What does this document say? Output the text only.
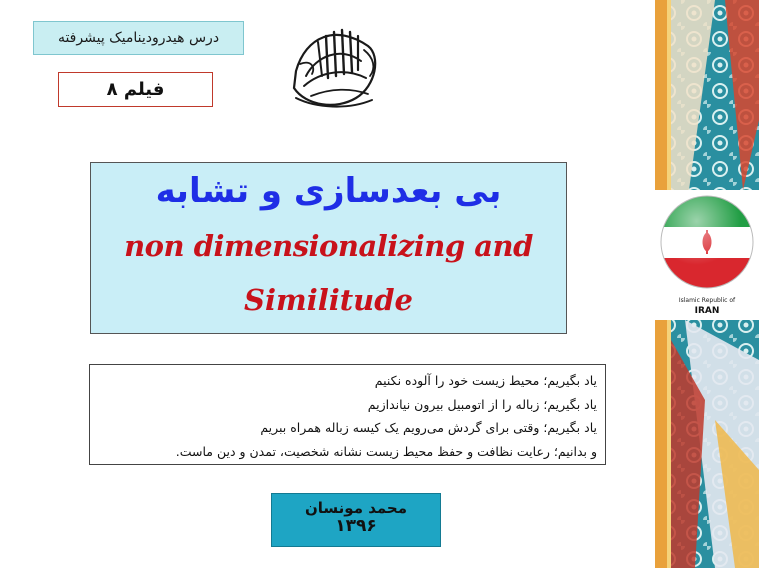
درس هیدرودینامیک پیشرفته
فیلم ۸
بی بعدسازی و تشابه
non dimensionalizing and
Similitude
یاد بگیریم؛ محیط زیست خود را آلوده نکنیم
یاد بگیریم؛ زباله را از اتومبیل بیرون نیاندازیم
یاد بگیریم؛ وقتی برای گردش می‌رویم یک کیسه زباله همراه ببریم
و بدانیم؛ رعایت نظافت و حفظ محیط زیست نشانه شخصیت، تمدن و دین ماست.
محمد مونسان
۱۳۹۶
Islamic Republic of
IRAN
